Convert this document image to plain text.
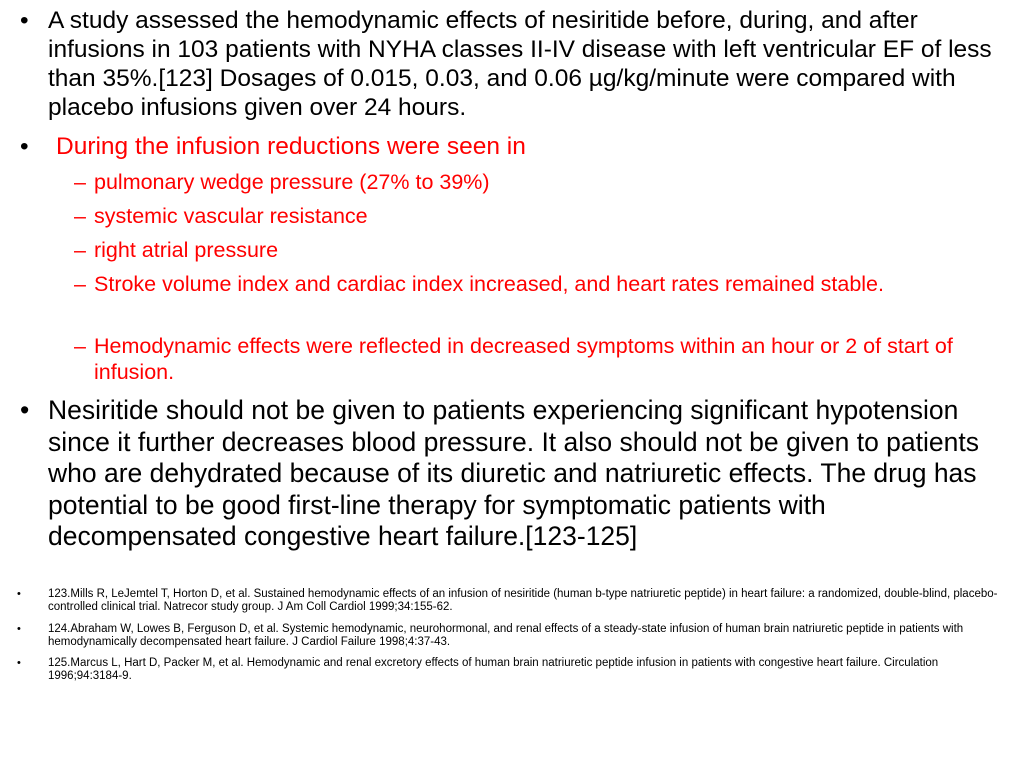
• A study assessed the hemodynamic effects of nesiritide before, during, and after infusions in 103 patients with NYHA classes II-IV disease with left ventricular EF of less than 35%.[123] Dosages of 0.015, 0.03, and 0.06 µg/kg/minute were compared with placebo infusions given over 24 hours.
• During the infusion reductions were seen in
– pulmonary wedge pressure (27% to 39%)
– systemic vascular resistance
– right atrial pressure
– Stroke volume index and cardiac index increased, and heart rates remained stable.
– Hemodynamic effects were reflected in decreased symptoms within an hour or 2 of start of infusion.
• Nesiritide should not be given to patients experiencing significant hypotension since it further decreases blood pressure. It also should not be given to patients who are dehydrated because of its diuretic and natriuretic effects. The drug has potential to be good first-line therapy for symptomatic patients with decompensated congestive heart failure.[123-125]
• 123.Mills R, LeJemtel T, Horton D, et al. Sustained hemodynamic effects of an infusion of nesiritide (human b-type natriuretic peptide) in heart failure: a randomized, double-blind, placebo-controlled clinical trial. Natrecor study group. J Am Coll Cardiol 1999;34:155-62.
• 124.Abraham W, Lowes B, Ferguson D, et al. Systemic hemodynamic, neurohormonal, and renal effects of a steady-state infusion of human brain natriuretic peptide in patients with hemodynamically decompensated heart failure. J Cardiol Failure 1998;4:37-43.
• 125.Marcus L, Hart D, Packer M, et al. Hemodynamic and renal excretory effects of human brain natriuretic peptide infusion in patients with congestive heart failure. Circulation 1996;94:3184-9.
